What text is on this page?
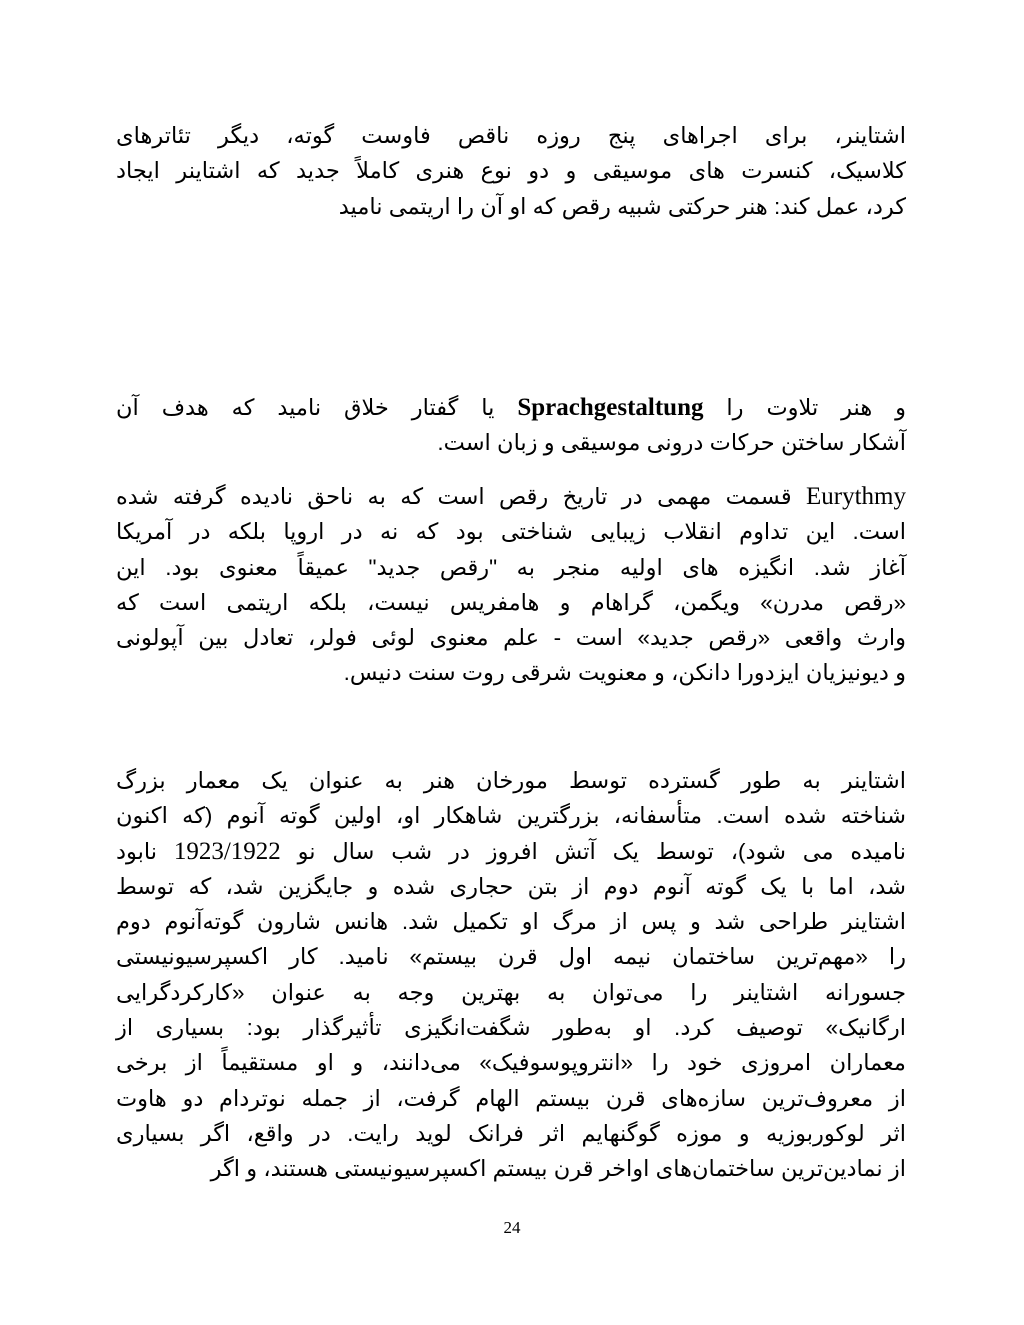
اشتاینر، برای اجراهای پنج روزه ناقص فاوست گوته، دیگر تئاترهای
کلاسیک، کنسرت های موسیقی و دو نوع هنری کاملاً جدید که اشتاینر ایجاد
کرد، عمل کند: هنر حرکتی شبیه رقص که او آن را اریتمی نامید
و هنر تلاوت را Sprachgestaltung یا گفتار خلاق نامید که هدف آن
آشکار ساختن حرکات درونی موسیقی و زبان است.
Eurythmy قسمت مهمی در تاریخ رقص است که به ناحق نادیده گرفته شده
است. این تداوم انقلاب زیبایی شناختی بود که نه در اروپا بلکه در آمریکا
آغاز شد. انگیزه های اولیه منجر به "رقص جدید" عمیقاً معنوی بود. این
«رقص مدرن» ویگمن، گراهام و هامفریس نیست، بلکه اریتمی است که
وارث واقعی «رقص جدید» است - علم معنوی لوئی فولر، تعادل بین آپولونی
و دیونیزیان ایزدورا دانکن، و معنویت شرقی روت سنت دنیس.
اشتاینر به طور گسترده توسط مورخان هنر به عنوان یک معمار بزرگ
شناخته شده است. متأسفانه، بزرگترین شاهکار او، اولین گوته آنوم (که اکنون
نامیده می شود)، توسط یک آتش افروز در شب سال نو 1923/1922 نابود
شد، اما با یک گوته آنوم دوم از بتن حجاری شده و جایگزین شد، که توسط
اشتاینر طراحی شد و پس از مرگ او تکمیل شد. هانس شارون گوته‌آنوم دوم
را «مهم‌ترین ساختمان نیمه اول قرن بیستم» نامید. کار اکسپرسیونیستی
جسورانه اشتاینر را می‌توان به بهترین وجه به عنوان «کارکردگرایی
ارگانیک» توصیف کرد. او به‌طور شگفت‌انگیزی تأثیرگذار بود: بسیاری از
معماران امروزی خود را «انتروپوسوفیک» می‌دانند، و او مستقیماً از برخی
از معروف‌ترین سازه‌های قرن بیستم الهام گرفت، از جمله نوتردام دو هاوت
اثر لوکوربوزیه و موزه گوگنهایم اثر فرانک لوید رایت. در واقع، اگر بسیاری
از نمادین‌ترین ساختمان‌های اواخر قرن بیستم اکسپرسیونیستی هستند، و اگر
24
